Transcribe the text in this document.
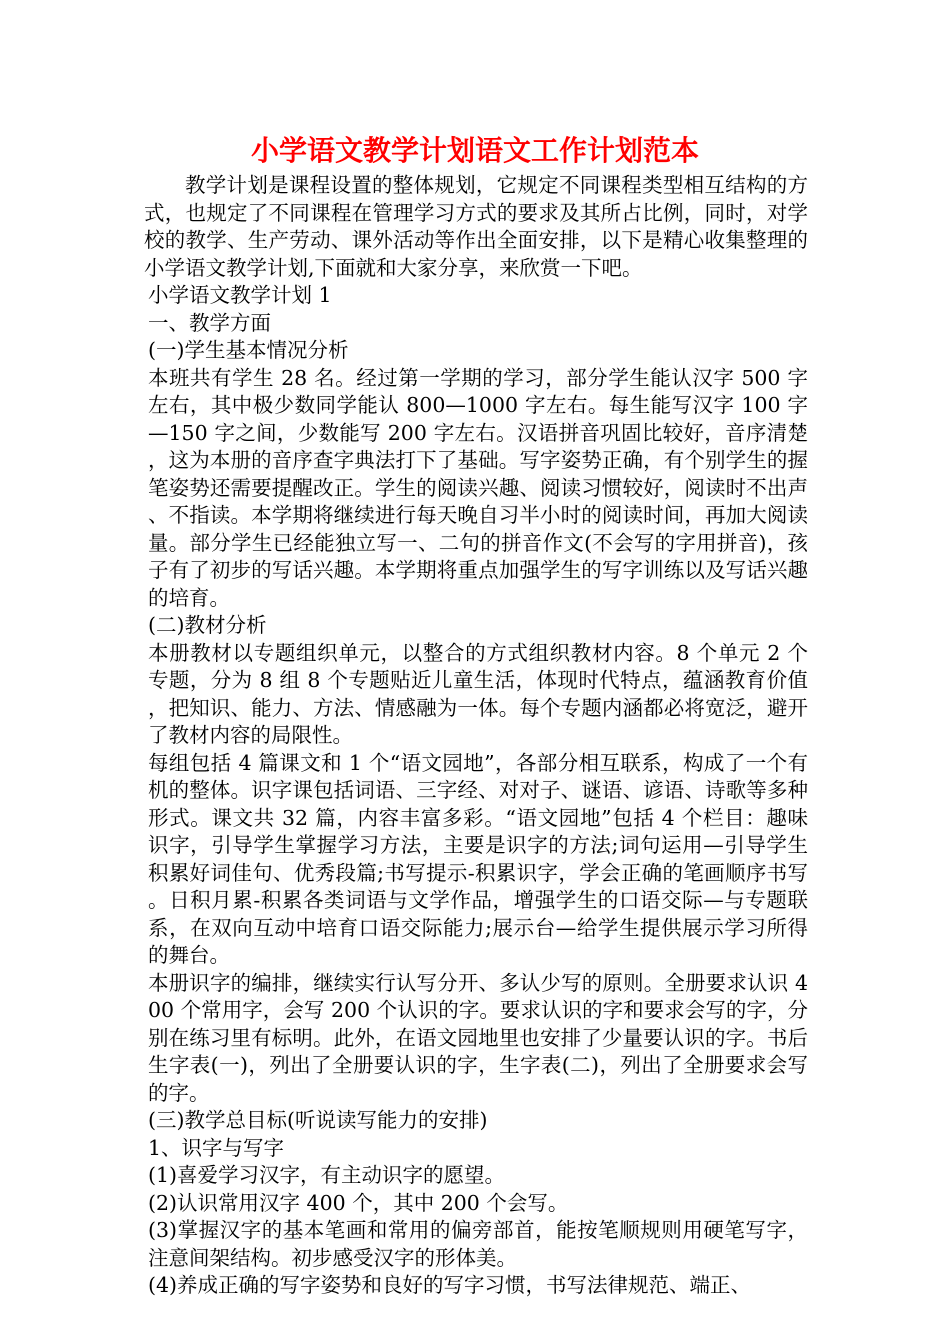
小学语文教学计划语文工作计划范本

教学计划是课程设置的整体规划，它规定不同课程类型相互结构的方式，也规定了不同课程在管理学习方式的要求及其所占比例，同时，对学校的教学、生产劳动、课外活动等作出全面安排，以下是精心收集整理的小学语文教学计划,下面就和大家分享，来欣赏一下吧。

小学语文教学计划 1

一、教学方面

(一)学生基本情况分析

本班共有学生 28 名。经过第一学期的学习，部分学生能认汉字 500 字左右，其中极少数同学能认 800—1000 字左右。每生能写汉字 100 字—150 字之间，少数能写 200 字左右。汉语拼音巩固比较好，音序清楚，这为本册的音序查字典法打下了基础。写字姿势正确，有个别学生的握笔姿势还需要提醒改正。学生的阅读兴趣、阅读习惯较好，阅读时不出声、不指读。本学期将继续进行每天晚自习半小时的阅读时间，再加大阅读量。部分学生已经能独立写一、二句的拼音作文(不会写的字用拼音)，孩子有了初步的写话兴趣。本学期将重点加强学生的写字训练以及写话兴趣的培育。

(二)教材分析

本册教材以专题组织单元，以整合的方式组织教材内容。8 个单元 2 个专题，分为 8 组 8 个专题贴近儿童生活，体现时代特点，蕴涵教育价值，把知识、能力、方法、情感融为一体。每个专题内涵都必将宽泛，避开了教材内容的局限性。

每组包括 4 篇课文和 1 个“语文园地”，各部分相互联系，构成了一个有机的整体。识字课包括词语、三字经、对对子、谜语、谚语、诗歌等多种形式。课文共 32 篇，内容丰富多彩。“语文园地”包括 4 个栏目：趣味识字，引导学生掌握学习方法，主要是识字的方法;词句运用—引导学生积累好词佳句、优秀段篇;书写提示-积累识字，学会正确的笔画顺序书写。日积月累-积累各类词语与文学作品，增强学生的口语交际—与专题联系，在双向互动中培育口语交际能力;展示台—给学生提供展示学习所得的舞台。

本册识字的编排，继续实行认写分开、多认少写的原则。全册要求认识 400 个常用字，会写 200 个认识的字。要求认识的字和要求会写的字，分别在练习里有标明。此外，在语文园地里也安排了少量要认识的字。书后生字表(一)，列出了全册要认识的字，生字表(二)，列出了全册要求会写的字。

(三)教学总目标(听说读写能力的安排)

1、识字与写字

(1)喜爱学习汉字，有主动识字的愿望。

(2)认识常用汉字 400 个，其中 200 个会写。

(3)掌握汉字的基本笔画和常用的偏旁部首，能按笔顺规则用硬笔写字，注意间架结构。初步感受汉字的形体美。

(4)养成正确的写字姿势和良好的写字习惯，书写法律规范、端正、
